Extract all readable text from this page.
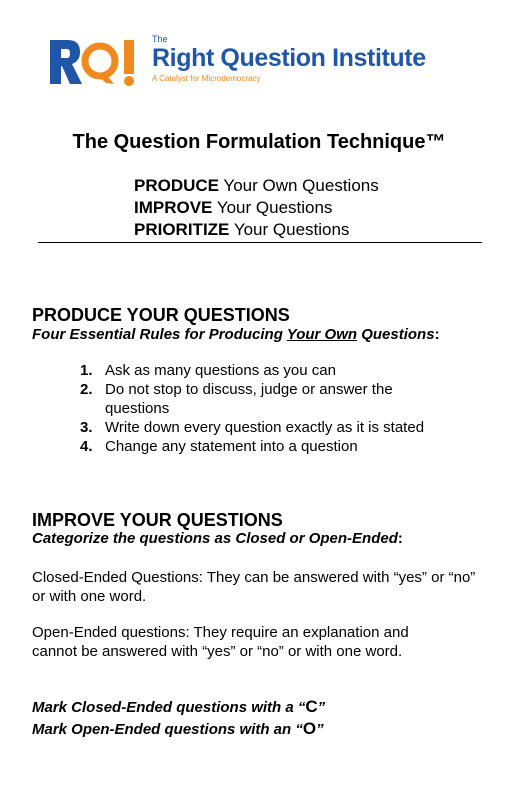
The
Right Question Institute
A Catalyst for Microdemocracy
The Question Formulation Technique™
PRODUCE Your Own Questions
IMPROVE Your Questions
PRIORITIZE Your Questions
PRODUCE YOUR QUESTIONS
Four Essential Rules for Producing Your Own Questions:
1. Ask as many questions as you can
2. Do not stop to discuss, judge or answer the questions
3. Write down every question exactly as it is stated
4. Change any statement into a question
IMPROVE YOUR QUESTIONS
Categorize the questions as Closed or Open-Ended:
Closed-Ended Questions: They can be answered with “yes” or “no” or with one word.
Open-Ended questions: They require an explanation and cannot be answered with “yes” or “no” or with one word.
Mark Closed-Ended questions with a “C”
Mark Open-Ended questions with an “O”
